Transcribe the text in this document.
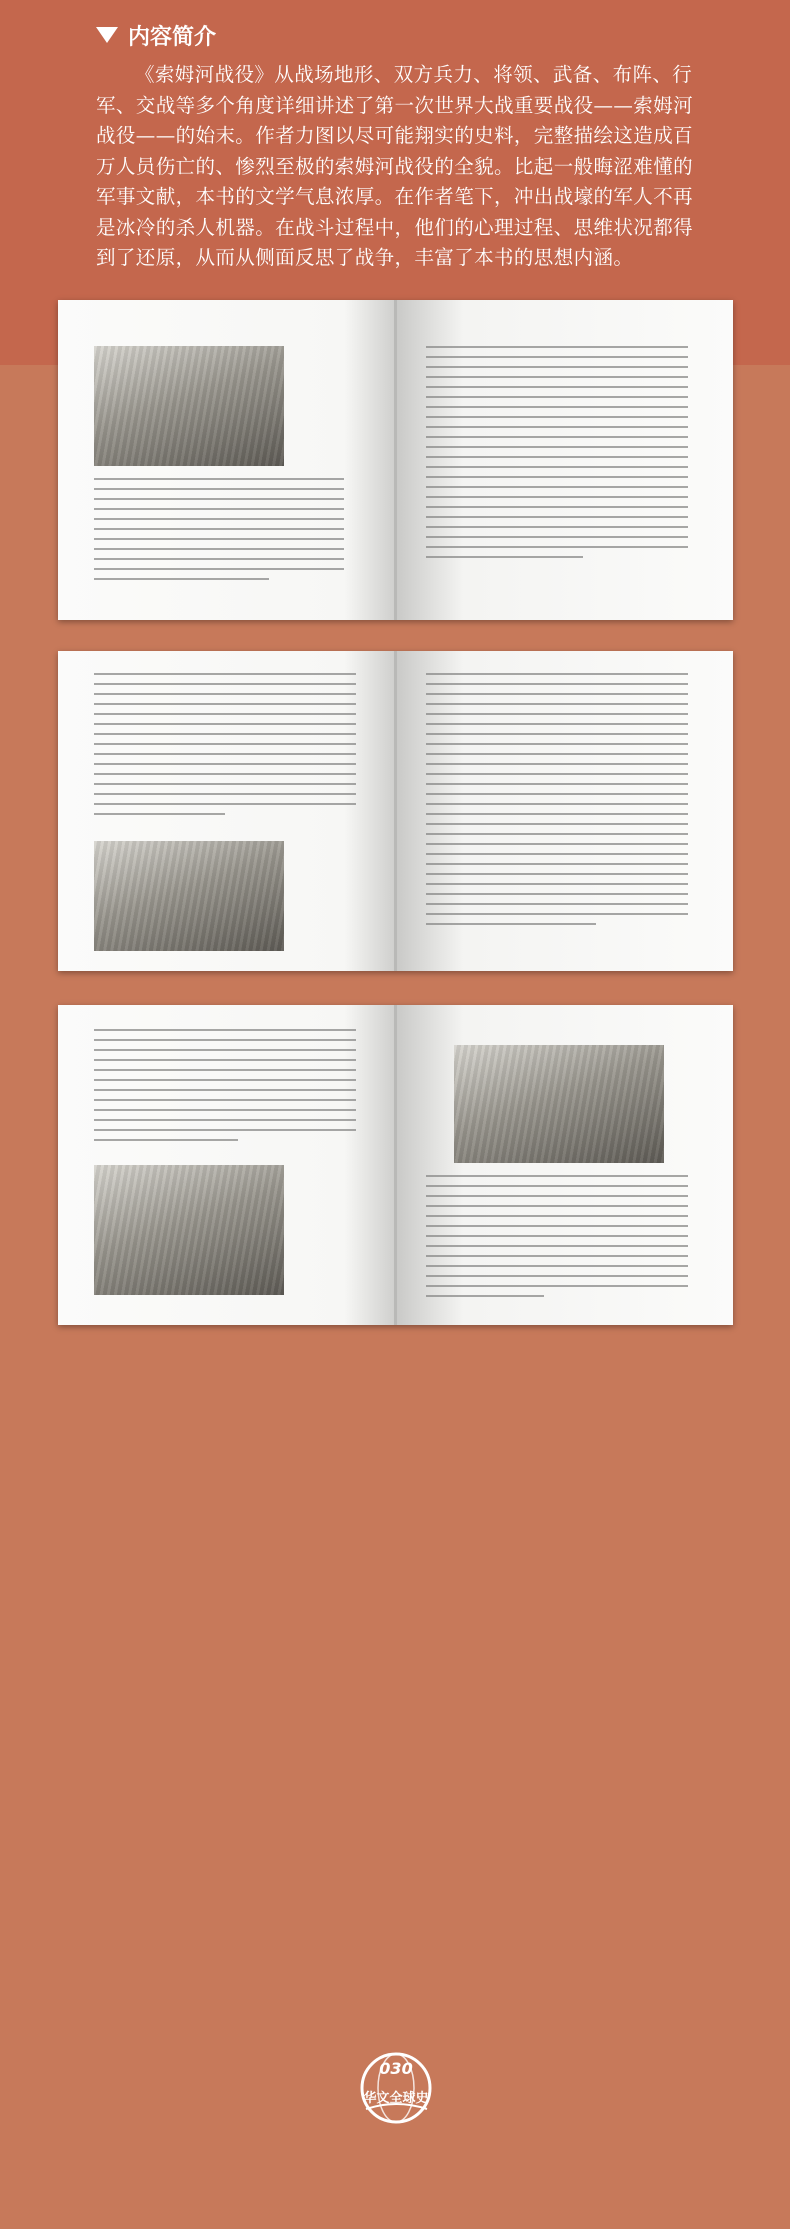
内容简介

《索姆河战役》从战场地形、双方兵力、将领、武备、布阵、行军、交战等多个角度详细讲述了第一次世界大战重要战役——索姆河战役——的始末。作者力图以尽可能翔实的史料，完整描绘这造成百万人员伤亡的、惨烈至极的索姆河战役的全貌。比起一般晦涩难懂的军事文献，本书的文学气息浓厚。在作者笔下，冲出战壕的军人不再是冰冷的杀人机器。在战斗过程中，他们的心理过程、思维状况都得到了还原，从而从侧面反思了战争，丰富了本书的思想内涵。

030
华文全球史
